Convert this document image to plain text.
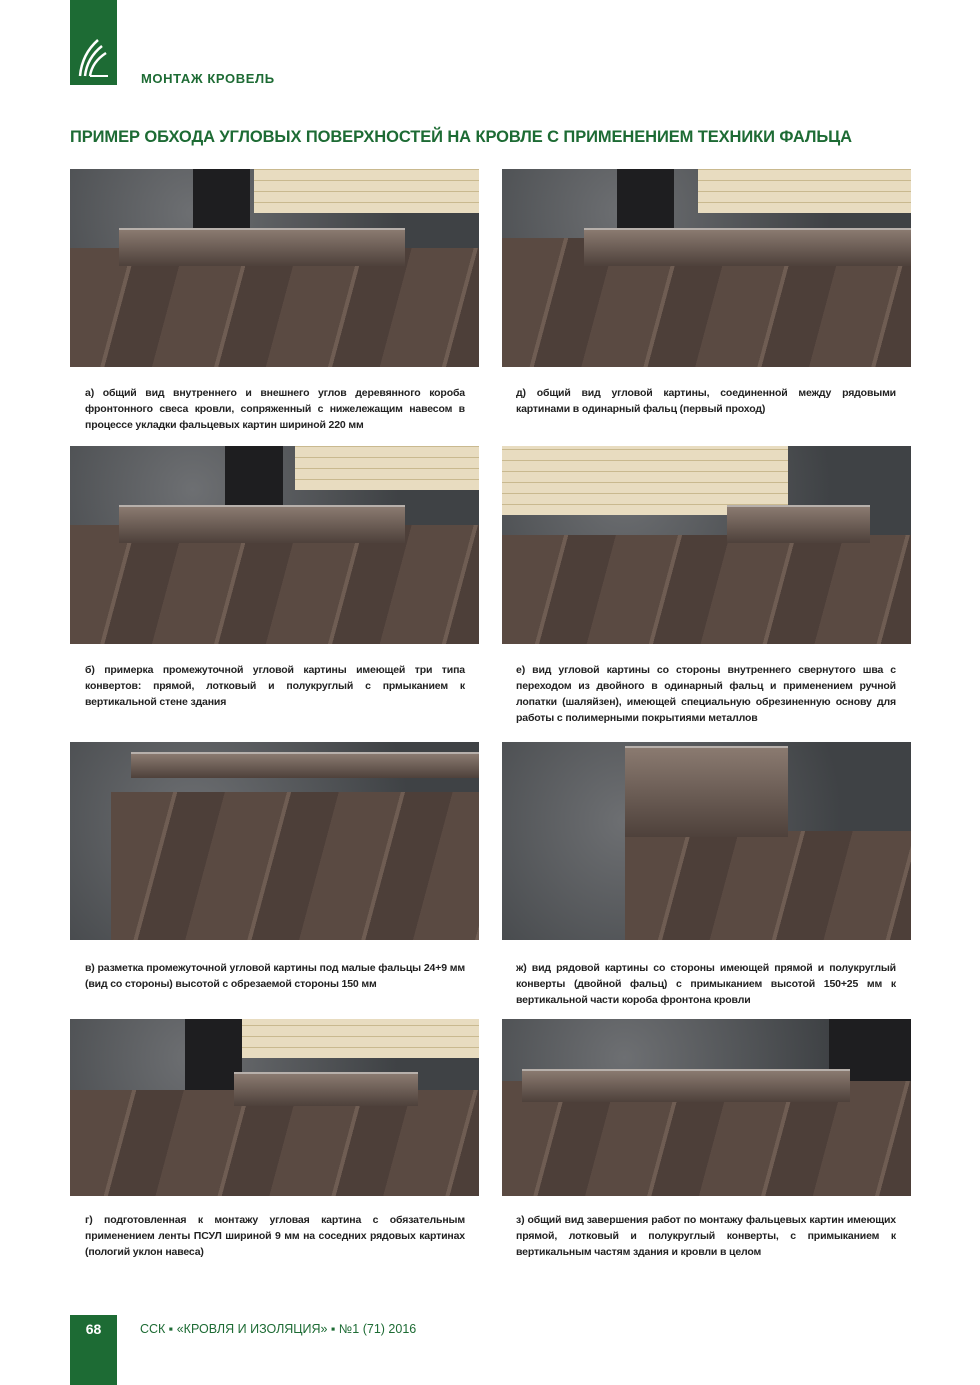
МОНТАЖ КРОВЕЛЬ
ПРИМЕР ОБХОДА УГЛОВЫХ ПОВЕРХНОСТЕЙ НА КРОВЛЕ С ПРИМЕНЕНИЕМ ТЕХНИКИ ФАЛЬЦА
а) общий вид внутреннего и внешнего углов деревянного короба фронтонного свеса кровли, сопряженный с нижележащим навесом в процессе укладки фальцевых картин шириной 220 мм
б) примерка промежуточной угловой картины имеющей три типа конвертов: прямой, лотковый и полукруглый с прмыканием к вертикальной стене здания
в) разметка промежуточной угловой картины под малые фальцы 24+9 мм (вид со стороны) высотой с обрезаемой стороны 150 мм
г) подготовленная к монтажу угловая картина с обязательным применением ленты ПСУЛ шириной 9 мм на соседних рядовых картинах (пологий уклон навеса)
д) общий вид угловой картины, соединенной между рядовыми картинами в одинарный фальц (первый проход)
е) вид угловой картины со стороны внутреннего свернутого шва с переходом из двойного в одинарный фальц и применением ручной лопатки (шаляйзен), имеющей специальную обрезиненную основу для работы с полимерными покрытиями металлов
ж) вид рядовой картины со стороны имеющей прямой и полукруглый конверты (двойной фальц) с примыканием высотой 150+25 мм к вертикальной части короба фронтона кровли
з) общий вид завершения работ по монтажу фальцевых картин имеющих прямой, лотковый и полукруглый конверты, с примыканием к вертикальным частям здания и кровли в целом
68	ССК ▪ «КРОВЛЯ И ИЗОЛЯЦИЯ» ▪ №1 (71) 2016
